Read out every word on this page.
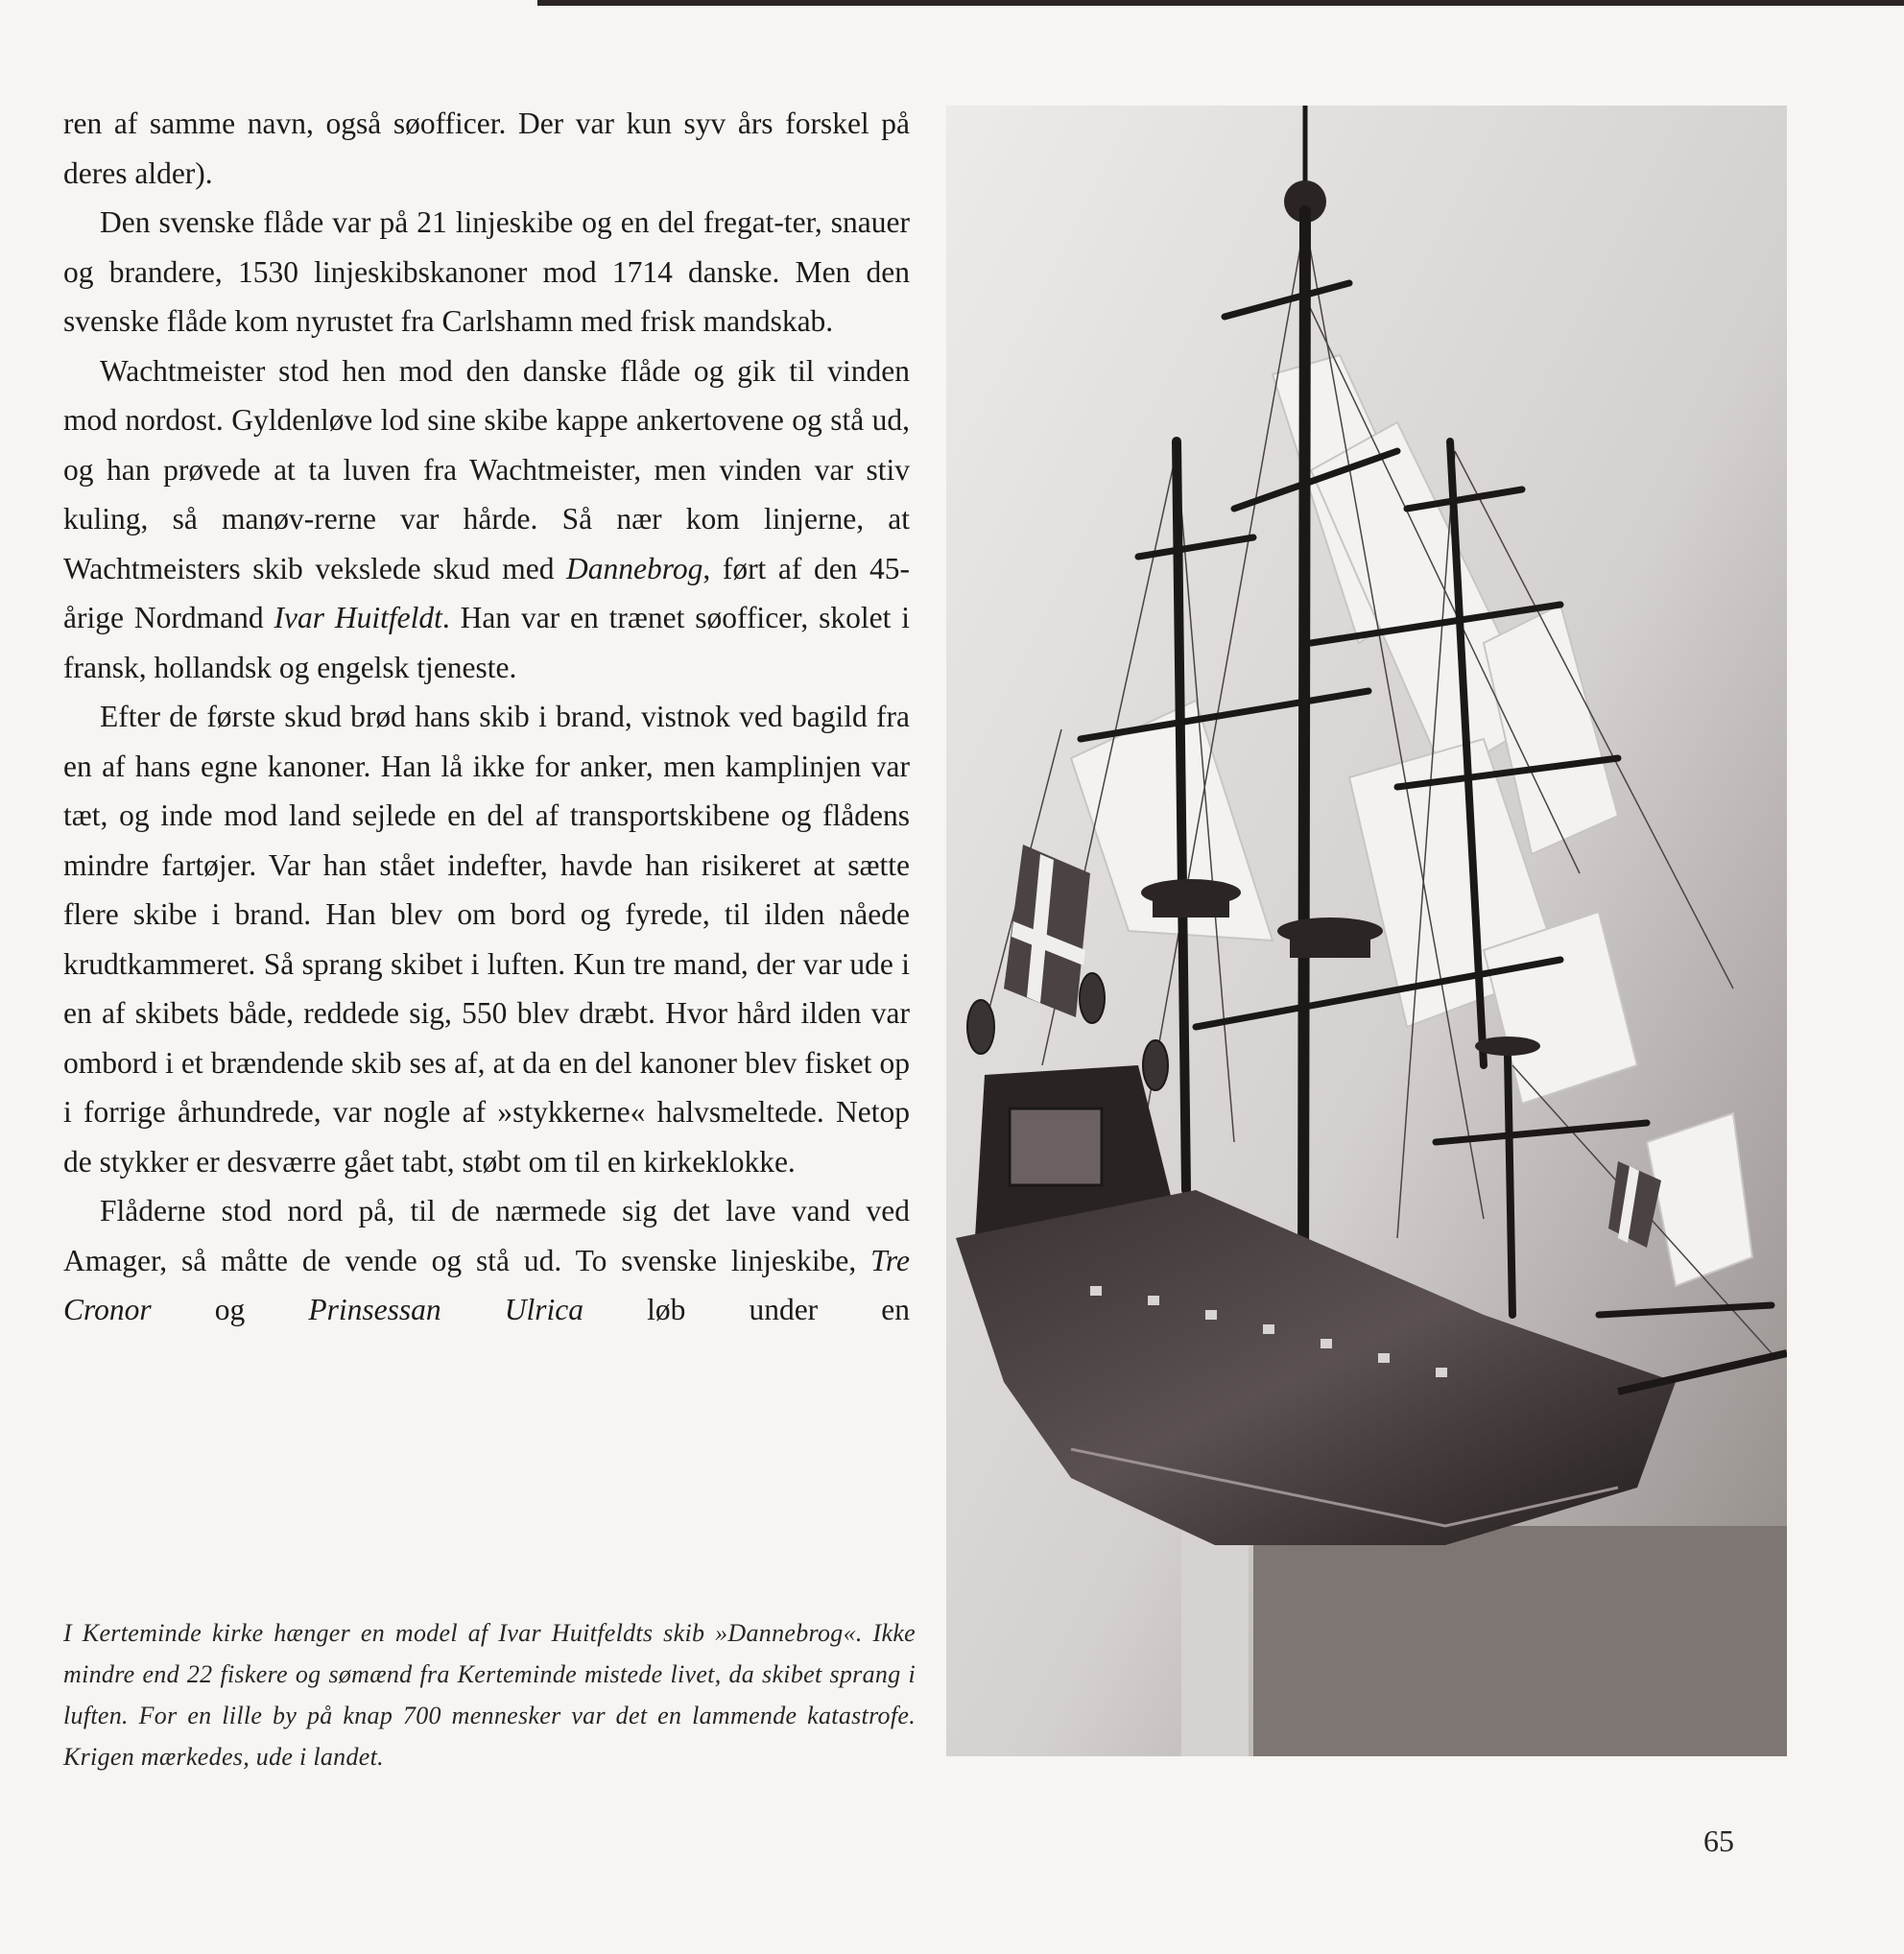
ren af samme navn, også søofficer. Der var kun syv års forskel på deres alder).

Den svenske flåde var på 21 linjeskibe og en del fregat-ter, snauer og brandere, 1530 linjeskibskanoner mod 1714 danske. Men den svenske flåde kom nyrustet fra Carlshamn med frisk mandskab.

Wachtmeister stod hen mod den danske flåde og gik til vinden mod nordost. Gyldenløve lod sine skibe kappe ankertovene og stå ud, og han prøvede at ta luven fra Wachtmeister, men vinden var stiv kuling, så manøv-rerne var hårde. Så nær kom linjerne, at Wachtmeisters skib vekslede skud med Dannebrog, ført af den 45-årige Nordmand Ivar Huitfeldt. Han var en trænet søofficer, skolet i fransk, hollandsk og engelsk tjeneste.

Efter de første skud brød hans skib i brand, vistnok ved bagild fra en af hans egne kanoner. Han lå ikke for anker, men kamplinjen var tæt, og inde mod land sejlede en del af transportskibene og flådens mindre fartøjer. Var han stået indefter, havde han risikeret at sætte flere skibe i brand. Han blev om bord og fyrede, til ilden nåede krudtkammeret. Så sprang skibet i luften. Kun tre mand, der var ude i en af skibets både, reddede sig, 550 blev dræbt. Hvor hård ilden var ombord i et brændende skib ses af, at da en del kanoner blev fisket op i forrige århundrede, var nogle af »stykkerne« halvsmeltede. Netop de stykker er desværre gået tabt, støbt om til en kirkeklokke.

Flåderne stod nord på, til de nærmede sig det lave vand ved Amager, så måtte de vende og stå ud. To svenske linjeskibe, Tre Cronor og Prinsessan Ulrica løb under en

I Kerteminde kirke hænger en model af Ivar Huitfeldts skib »Dannebrog«. Ikke mindre end 22 fiskere og sømænd fra Kerteminde mistede livet, da skibet sprang i luften. For en lille by på knap 700 mennesker var det en lammende katastrofe. Krigen mærkedes, ude i landet.
65
